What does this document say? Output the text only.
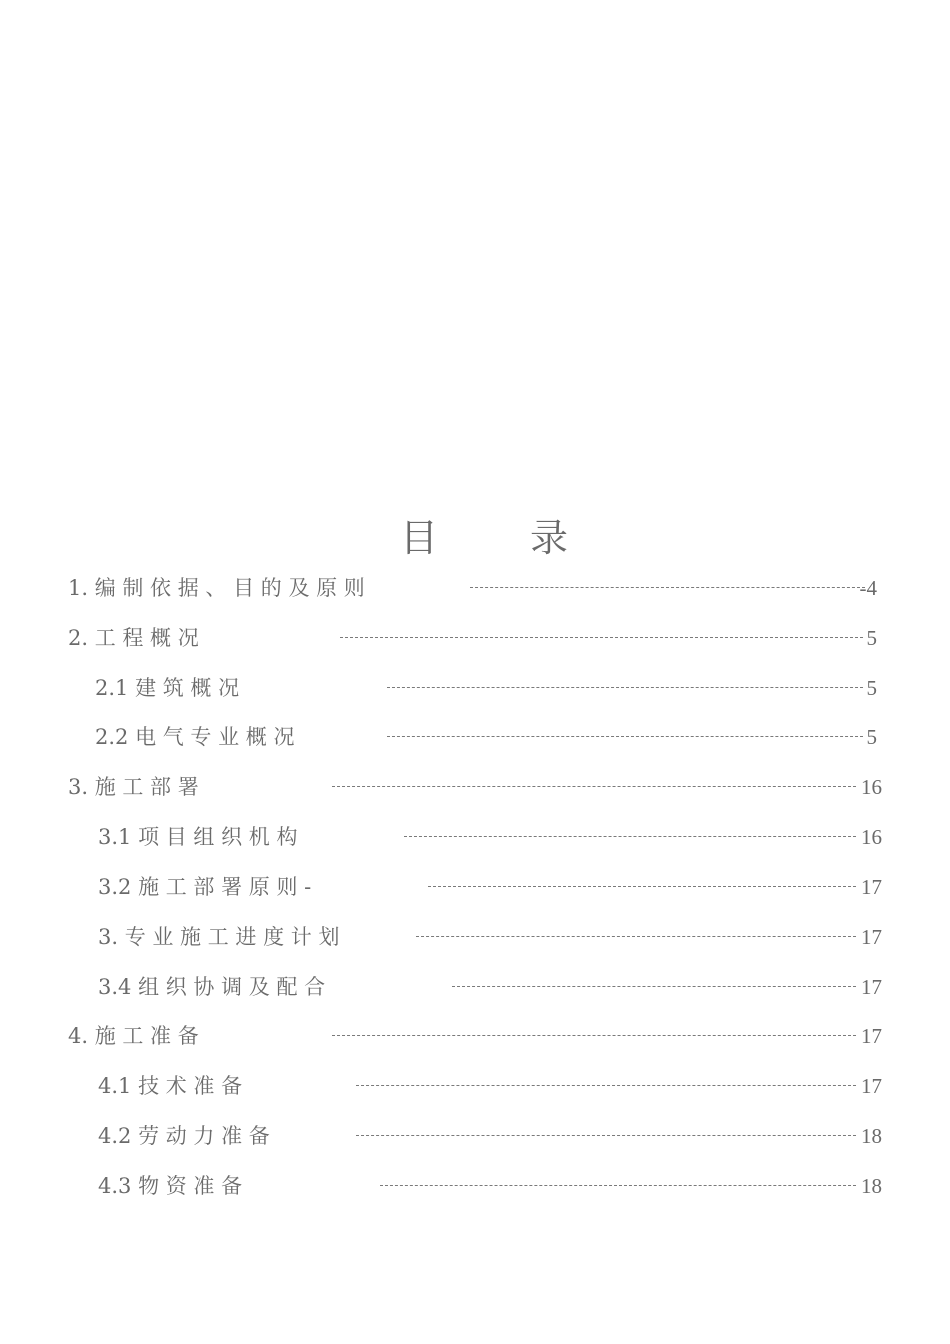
目 录
1. 编 制 依 据 、 目 的 及 原 则	-4
2. 工 程 概 况	5
2.1 建 筑 概 况	5
2.2 电 气 专 业 概 况	5
3. 施 工 部 署	16
3.1 项 目 组 织 机 构	16
3.2 施 工 部 署 原 则 -	17
3. 专 业 施 工 进 度 计 划	17
3.4 组 织 协 调 及 配 合	17
4. 施 工 准 备	17
4.1 技 术 准 备	17
4.2 劳 动 力 准 备	18
4.3 物 资 准 备	18
